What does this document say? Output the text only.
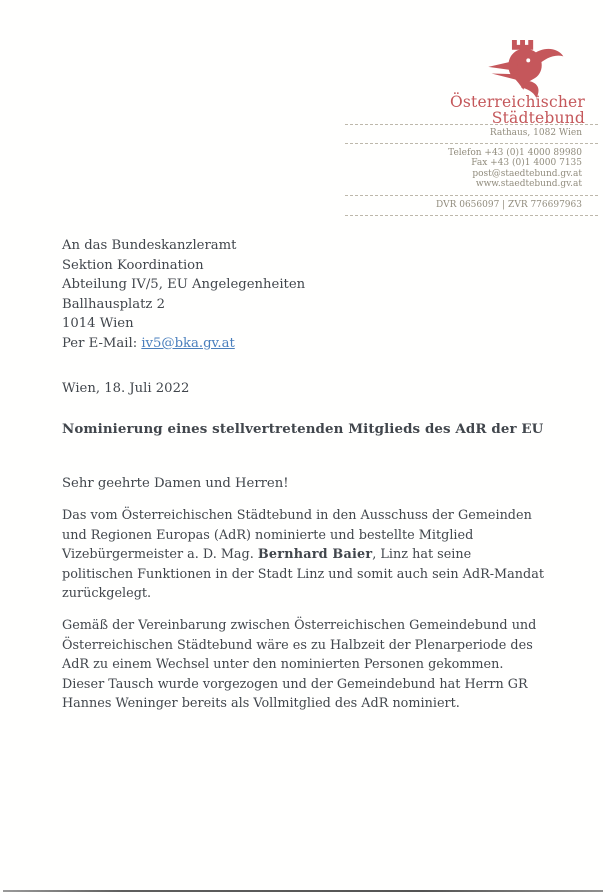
Österreichischer
Städtebund
Rathaus, 1082 Wien
Telefon +43 (0)1 4000 89980
Fax +43 (0)1 4000 7135
post@staedtebund.gv.at
www.staedtebund.gv.at
DVR 0656097 | ZVR 776697963
An das Bundeskanzleramt
Sektion Koordination
Abteilung IV/5, EU Angelegenheiten
Ballhausplatz 2
1014 Wien
Per E-Mail: iv5@bka.gv.at
Wien, 18. Juli 2022
Nominierung eines stellvertretenden Mitglieds des AdR der EU
Sehr geehrte Damen und Herren!

Das vom Österreichischen Städtebund in den Ausschuss der Gemeinden und Regionen Europas (AdR) nominierte und bestellte Mitglied Vizebürgermeister a. D. Mag. Bernhard Baier, Linz hat seine politischen Funktionen in der Stadt Linz und somit auch sein AdR-Mandat zurückgelegt.

Gemäß der Vereinbarung zwischen Österreichischen Gemeindebund und Österreichischen Städtebund wäre es zu Halbzeit der Plenarperiode des AdR zu einem Wechsel unter den nominierten Personen gekommen. Dieser Tausch wurde vorgezogen und der Gemeindebund hat Herrn GR Hannes Weninger bereits als Vollmitglied des AdR nominiert.
